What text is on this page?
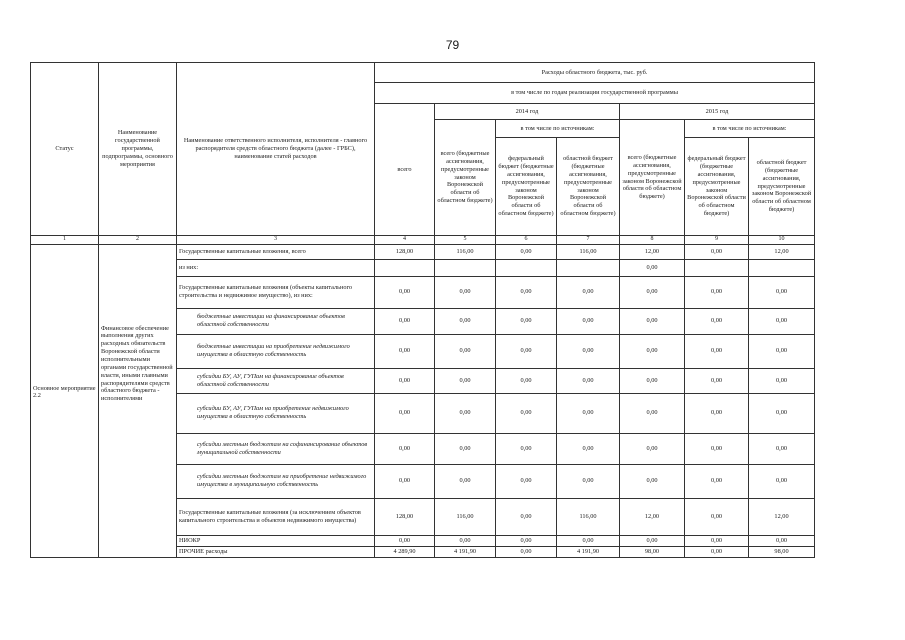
79
Статус	Наименование государственной программы, подпрограммы, основного мероприятия	Наименование ответственного исполнителя, исполнителя - главного распорядителя средств областного бюджета (далее - ГРБС), наименование статей расходов	Расходы областного бюджета, тыс. руб.						
			в том числе по годам реализации государственной программы						
			всего	2014 год			2015 год		
				всего (бюджетные ассигнования, предусмотренные законом Воронежской области об областном бюджете)	в том числе по источникам:		всего (бюджетные ассигнования, предусмотренные законом Воронежской области об областном бюджете)	в том числе по источникам:	
					федеральный бюджет (бюджетные ассигнования, предусмотренные законом Воронежской области об областном бюджете)	областной бюджет (бюджетные ассигнования, предусмотренные законом Воронежской области об областном бюджете)		федеральный бюджет (бюджетные ассигнования, предусмотренные законом Воронежской области об областном бюджете)	областной бюджет (бюджетные ассигнования, предусмотренные законом Воронежской области об областном бюджете)

1	2	3	4	5	6	7	8	9	10
Основное мероприятие 2.2	Финансовое обеспечение выполнения других расходных обязательств Воронежской области исполнительными органами государственной власти, иными главными распорядителями средств областного бюджета - исполнителями	Государственные капитальные вложения, всего	128,00	116,00	0,00	116,00	12,00	0,00	12,00
		из них:					0,00		
		Государственные капитальные вложения (объекты капитального строительства и недвижимое имущество), из них:	0,00	0,00	0,00	0,00	0,00	0,00	0,00
		бюджетные инвестиции на финансирование объектов областной собственности	0,00	0,00	0,00	0,00	0,00	0,00	0,00
		бюджетные инвестиции на приобретение недвижимого имущества в областную собственность	0,00	0,00	0,00	0,00	0,00	0,00	0,00
		субсидии БУ, АУ, ГУПам на финансирование объектов областной собственности	0,00	0,00	0,00	0,00	0,00	0,00	0,00
		субсидии БУ, АУ, ГУПам на приобретение недвижимого имущества в областную собственность	0,00	0,00	0,00	0,00	0,00	0,00	0,00
		субсидии местным бюджетам на софинансирование объектов муниципальной собственности	0,00	0,00	0,00	0,00	0,00	0,00	0,00
		субсидии местным бюджетам на приобретение недвижимого имущества в муниципальную собственность	0,00	0,00	0,00	0,00	0,00	0,00	0,00
		Государственные капитальные вложения (за исключением объектов капитального строительства и объектов недвижимого имущества)	128,00	116,00	0,00	116,00	12,00	0,00	12,00
		НИОКР	0,00	0,00	0,00	0,00	0,00	0,00	0,00
		ПРОЧИЕ расходы	4 289,90	4 191,90	0,00	4 191,90	98,00	0,00	98,00
